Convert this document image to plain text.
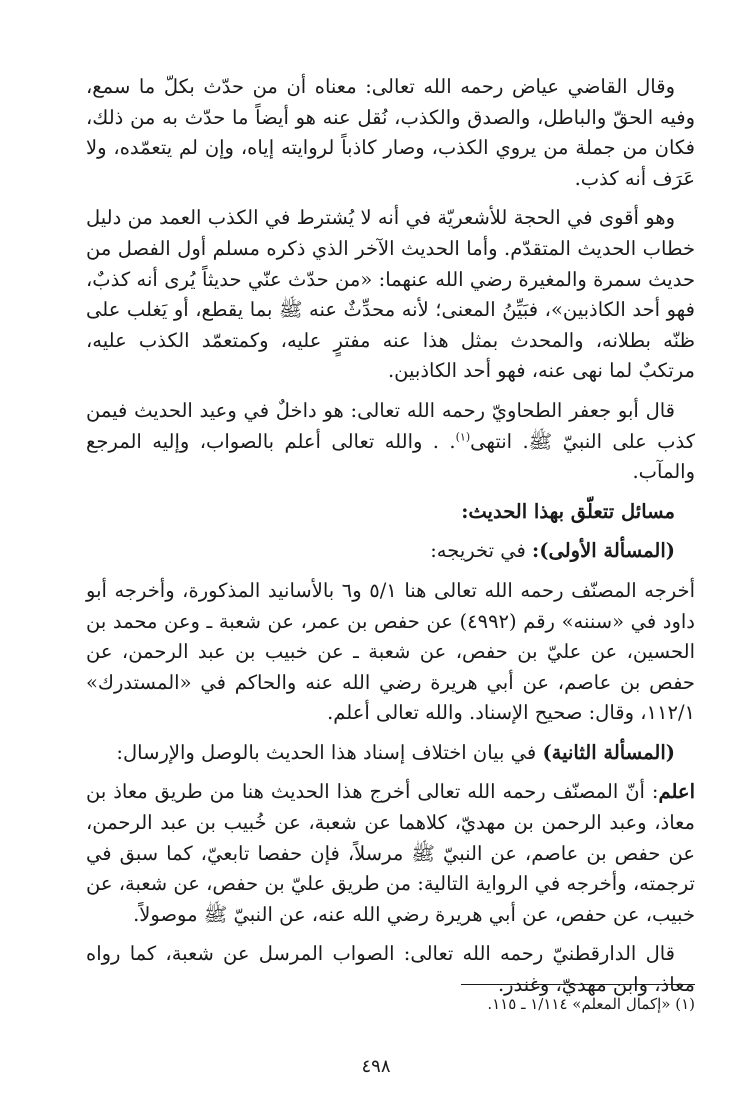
وقال القاضي عياض رحمه الله تعالى: معناه أن من حدّث بكلّ ما سمع، وفيه الحقّ والباطل، والصدق والكذب، نُقل عنه هو أيضاً ما حدّث به من ذلك، فكان من جملة من يروي الكذب، وصار كاذباً لروايته إياه، وإن لم يتعمّده، ولا عَرَف أنه كذب.

وهو أقوى في الحجة للأشعريّة في أنه لا يُشترط في الكذب العمد من دليل خطاب الحديث المتقدّم. وأما الحديث الآخر الذي ذكره مسلم أول الفصل من حديث سمرة والمغيرة رضي الله عنهما: «من حدّث عنّي حديثاً يُرى أنه كذبٌ، فهو أحد الكاذبين»، فبَيِّنُ المعنى؛ لأنه محدِّثٌ عنه ﷺ بما يقطع، أو يَغلب على ظنّه بطلانه، والمحدث بمثل هذا عنه مفترٍ عليه، وكمتعمّد الكذب عليه، مرتكبٌ لما نهى عنه، فهو أحد الكاذبين.

قال أبو جعفر الطحاويّ رحمه الله تعالى: هو داخلٌ في وعيد الحديث فيمن كذب على النبيّ ﷺ. انتهى$^{(١)}$. . والله تعالى أعلم بالصواب، وإليه المرجع والمآب.

مسائل تتعلّق بهذا الحديث:

(المسألة الأولى): في تخريجه:

أخرجه المصنّف رحمه الله تعالى هنا ٥/١ و٦ بالأسانيد المذكورة، وأخرجه أبو داود في «سننه» رقم (٤٩٩٢) عن حفص بن عمر، عن شعبة ـ وعن محمد بن الحسين، عن عليّ بن حفص، عن شعبة ـ عن خبيب بن عبد الرحمن، عن حفص بن عاصم، عن أبي هريرة رضي الله عنه والحاكم في «المستدرك» ١١٢/١، وقال: صحيح الإسناد. والله تعالى أعلم.

(المسألة الثانية) في بيان اختلاف إسناد هذا الحديث بالوصل والإرسال:

اعلم: أنّ المصنّف رحمه الله تعالى أخرج هذا الحديث هنا من طريق معاذ بن معاذ، وعبد الرحمن بن مهديّ، كلاهما عن شعبة، عن خُبيب بن عبد الرحمن، عن حفص بن عاصم، عن النبيّ ﷺ مرسلاً، فإن حفصا تابعيّ، كما سبق في ترجمته، وأخرجه في الرواية التالية: من طريق عليّ بن حفص، عن شعبة، عن خبيب، عن حفص، عن أبي هريرة رضي الله عنه، عن النبيّ ﷺ موصولاً.

قال الدارقطنيّ رحمه الله تعالى: الصواب المرسل عن شعبة، كما رواه معاذ، وابن مهديّ، وغندر.

(١) «إكمال المعلم» ١/١١٤ ـ ١١٥.
٤٩٨
